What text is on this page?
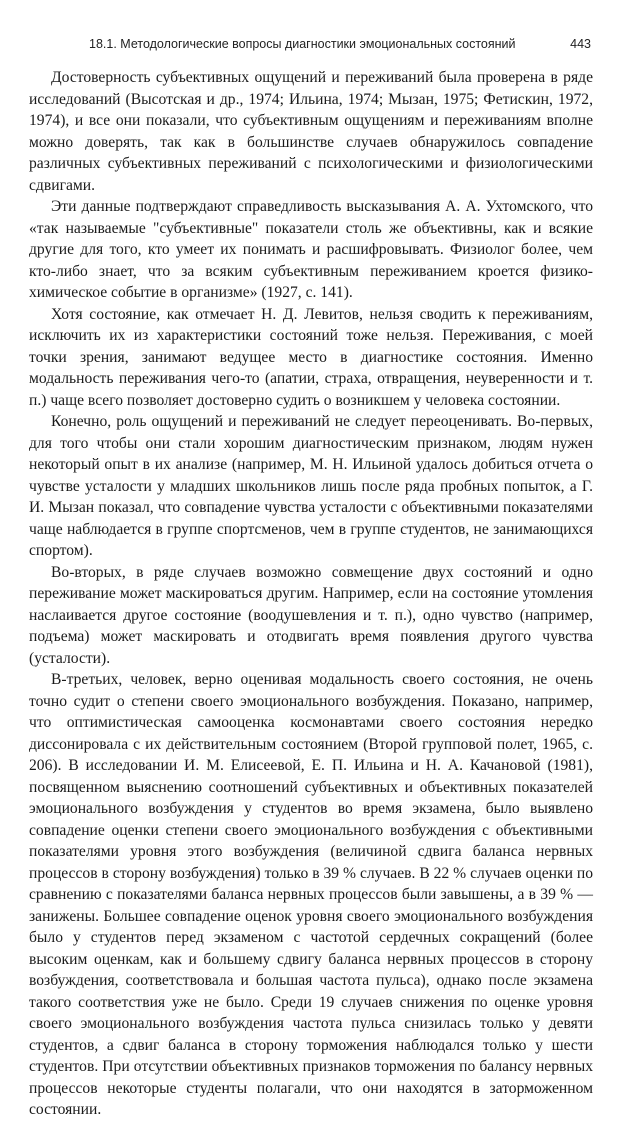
18.1. Методологические вопросы диагностики эмоциональных состояний	443

Достоверность субъективных ощущений и переживаний была проверена в ряде исследований (Высотская и др., 1974; Ильина, 1974; Мызан, 1975; Фетискин, 1972, 1974), и все они показали, что субъективным ощущениям и переживаниям вполне можно доверять, так как в большинстве случаев обнаружилось совпадение различных субъективных переживаний с психологическими и физиологическими сдвигами.

Эти данные подтверждают справедливость высказывания А. А. Ухтомского, что «так называемые "субъективные" показатели столь же объективны, как и всякие другие для того, кто умеет их понимать и расшифровывать. Физиолог более, чем кто-либо знает, что за всяким субъективным переживанием кроется физико-химическое событие в организме» (1927, с. 141).

Хотя состояние, как отмечает Н. Д. Левитов, нельзя сводить к переживаниям, исключить их из характеристики состояний тоже нельзя. Переживания, с моей точки зрения, занимают ведущее место в диагностике состояния. Именно модальность переживания чего-то (апатии, страха, отвращения, неуверенности и т. п.) чаще всего позволяет достоверно судить о возникшем у человека состоянии.

Конечно, роль ощущений и переживаний не следует переоценивать. Во-первых, для того чтобы они стали хорошим диагностическим признаком, людям нужен некоторый опыт в их анализе (например, М. Н. Ильиной удалось добиться отчета о чувстве усталости у младших школьников лишь после ряда пробных попыток, а Г. И. Мызан показал, что совпадение чувства усталости с объективными показателями чаще наблюдается в группе спортсменов, чем в группе студентов, не занимающихся спортом).

Во-вторых, в ряде случаев возможно совмещение двух состояний и одно переживание может маскироваться другим. Например, если на состояние утомления наслаивается другое состояние (воодушевления и т. п.), одно чувство (например, подъема) может маскировать и отодвигать время появления другого чувства (усталости).

В-третьих, человек, верно оценивая модальность своего состояния, не очень точно судит о степени своего эмоционального возбуждения. Показано, например, что оптимистическая самооценка космонавтами своего состояния нередко диссонировала с их действительным состоянием (Второй групповой полет, 1965, с. 206). В исследовании И. М. Елисеевой, Е. П. Ильина и Н. А. Качановой (1981), посвященном выяснению соотношений субъективных и объективных показателей эмоционального возбуждения у студентов во время экзамена, было выявлено совпадение оценки степени своего эмоционального возбуждения с объективными показателями уровня этого возбуждения (величиной сдвига баланса нервных процессов в сторону возбуждения) только в 39 % случаев. В 22 % случаев оценки по сравнению с показателями баланса нервных процессов были завышены, а в 39 % — занижены. Большее совпадение оценок уровня своего эмоционального возбуждения было у студентов перед экзаменом с частотой сердечных сокращений (более высоким оценкам, как и большему сдвигу баланса нервных процессов в сторону возбуждения, соответствовала и большая частота пульса), однако после экзамена такого соответствия уже не было. Среди 19 случаев снижения по оценке уровня своего эмоционального возбуждения частота пульса снизилась только у девяти студентов, а сдвиг баланса в сторону торможения наблюдался только у шести студентов. При отсутствии объективных признаков торможения по балансу нервных процессов некоторые студенты полагали, что они находятся в заторможенном состоянии.
